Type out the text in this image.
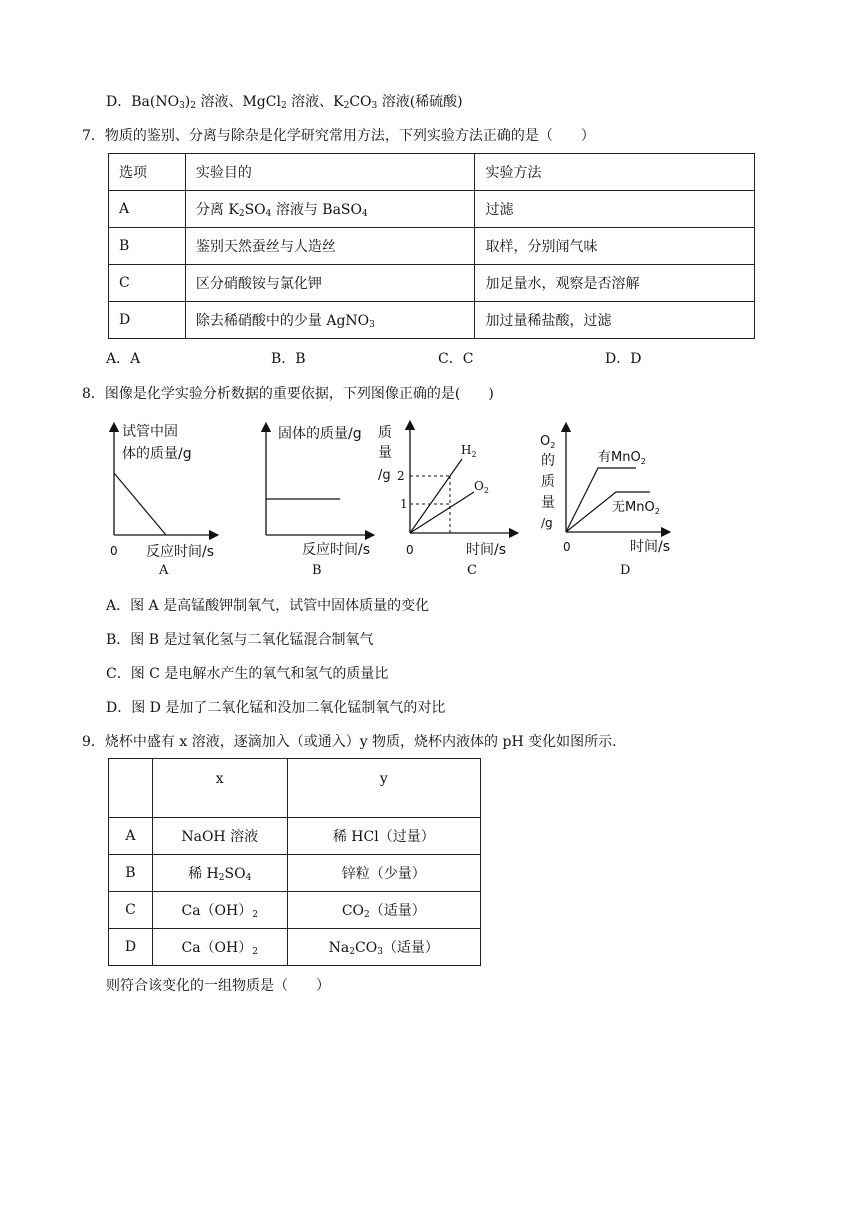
D．$Ba(NO_3)_2$ 溶液、MgCl$_2$ 溶液、$K_2CO_3$ 溶液(稀硫酸)
7．物质的鉴别、分离与除杂是化学研究常用方法，下列实验方法正确的是（　　）
选项	实验目的	实验方法
A	分离 $K_2SO_4$ 溶液与 BaSO$_4$	过滤
B	鉴别天然蚕丝与人造丝	取样，分别闻气味
C	区分硝酸铵与氯化钾	加足量水，观察是否溶解
D	除去稀硝酸中的少量 AgNO$_3$	加过量稀盐酸，过滤
A．A	B．B	C．C	D．D
8．图像是化学实验分析数据的重要依据，下列图像正确的是(　　)
试管中固
体的质量/g
0 反应时间/s
A
固体的质量/g
反应时间/s
B
质
量
/g 2
1
0	时间/s
$H_2$
$O_2$
C
$O_2$
的
质
量
/g
0	时间/s
有MnO$_2$
无MnO$_2$
D
A．图 A 是高锰酸钾制氧气，试管中固体质量的变化
B．图 B 是过氧化氢与二氧化锰混合制氧气
C．图 C 是电解水产生的氧气和氢气的质量比
D．图 D 是加了二氧化锰和没加二氧化锰制氧气的对比
9．烧杯中盛有 x 溶液，逐滴加入（或通入）y 物质，烧杯内液体的 pH 变化如图所示.
	x	y
A	NaOH 溶液	稀 HCl（过量）
B	稀 $H_2SO_4$	锌粒（少量）
C	$Ca(OH)_2$	$CO_2$（适量）
D	$Ca(OH)_2$	$Na_2CO_3$（适量）
则符合该变化的一组物质是（　　）
